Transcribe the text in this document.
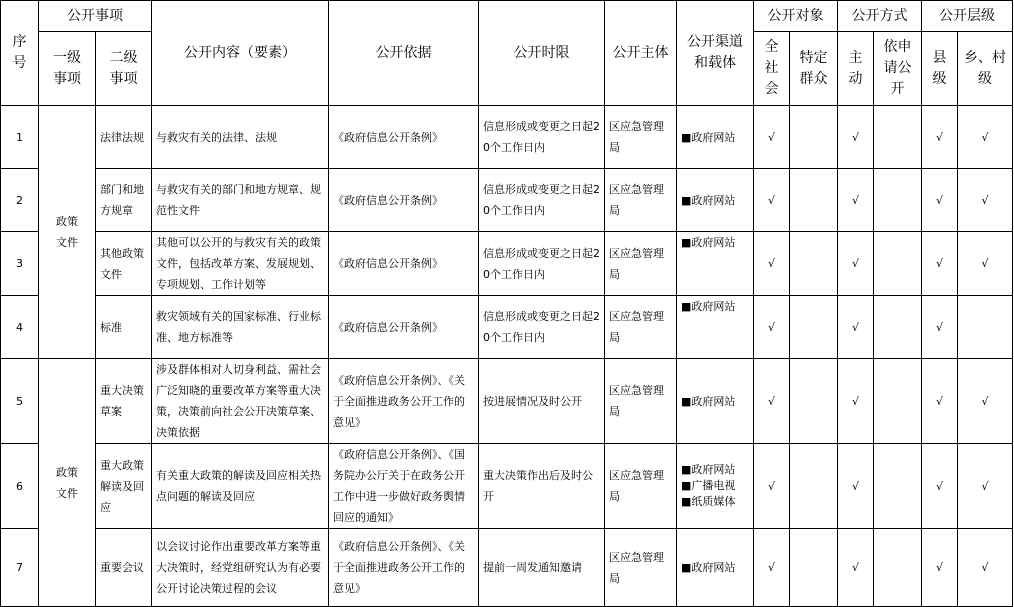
序号	公开事项		公开内容（要素）	公开依据	公开时限	公开主体	公开渠道和载体	公开对象		公开方式		公开层级	
	一级事项	二级事项						全社会	特定群众	主动	依申请公开	县级	乡、村级
1	政策文件	法律法规	与救灾有关的法律、法规	《政府信息公开条例》	信息形成或变更之日起20个工作日内	区应急管理局	■政府网站	√		√		√	√
2		部门和地方规章	与救灾有关的部门和地方规章、规范性文件	《政府信息公开条例》	信息形成或变更之日起20个工作日内	区应急管理局	■政府网站	√		√		√	√
3		其他政策文件	其他可以公开的与救灾有关的政策文件，包括改革方案、发展规划、专项规划、工作计划等	《政府信息公开条例》	信息形成或变更之日起20个工作日内	区应急管理局	■政府网站	√		√		√	√
4		标准	救灾领域有关的国家标准、行业标准、地方标准等	《政府信息公开条例》	信息形成或变更之日起20个工作日内	区应急管理局	■政府网站	√		√		√	
5	政策文件	重大决策草案	涉及群体相对人切身利益、需社会广泛知晓的重要改革方案等重大决策，决策前向社会公开决策草案、决策依据	《政府信息公开条例》、《关于全面推进政务公开工作的意见》	按进展情况及时公开	区应急管理局	■政府网站	√		√		√	√
6		重大政策解读及回应	有关重大政策的解读及回应相关热点问题的解读及回应	《政府信息公开条例》、《国务院办公厅关于在政务公开工作中进一步做好政务舆情回应的通知》	重大决策作出后及时公开	区应急管理局	■政府网站
■广播电视
■纸质媒体	√		√		√	√
7		重要会议	以会议讨论作出重要改革方案等重大决策时，经党组研究认为有必要公开讨论决策过程的会议	《政府信息公开条例》、《关于全面推进政务公开工作的意见》	提前一周发通知邀请	区应急管理局	■政府网站	√		√		√	√
